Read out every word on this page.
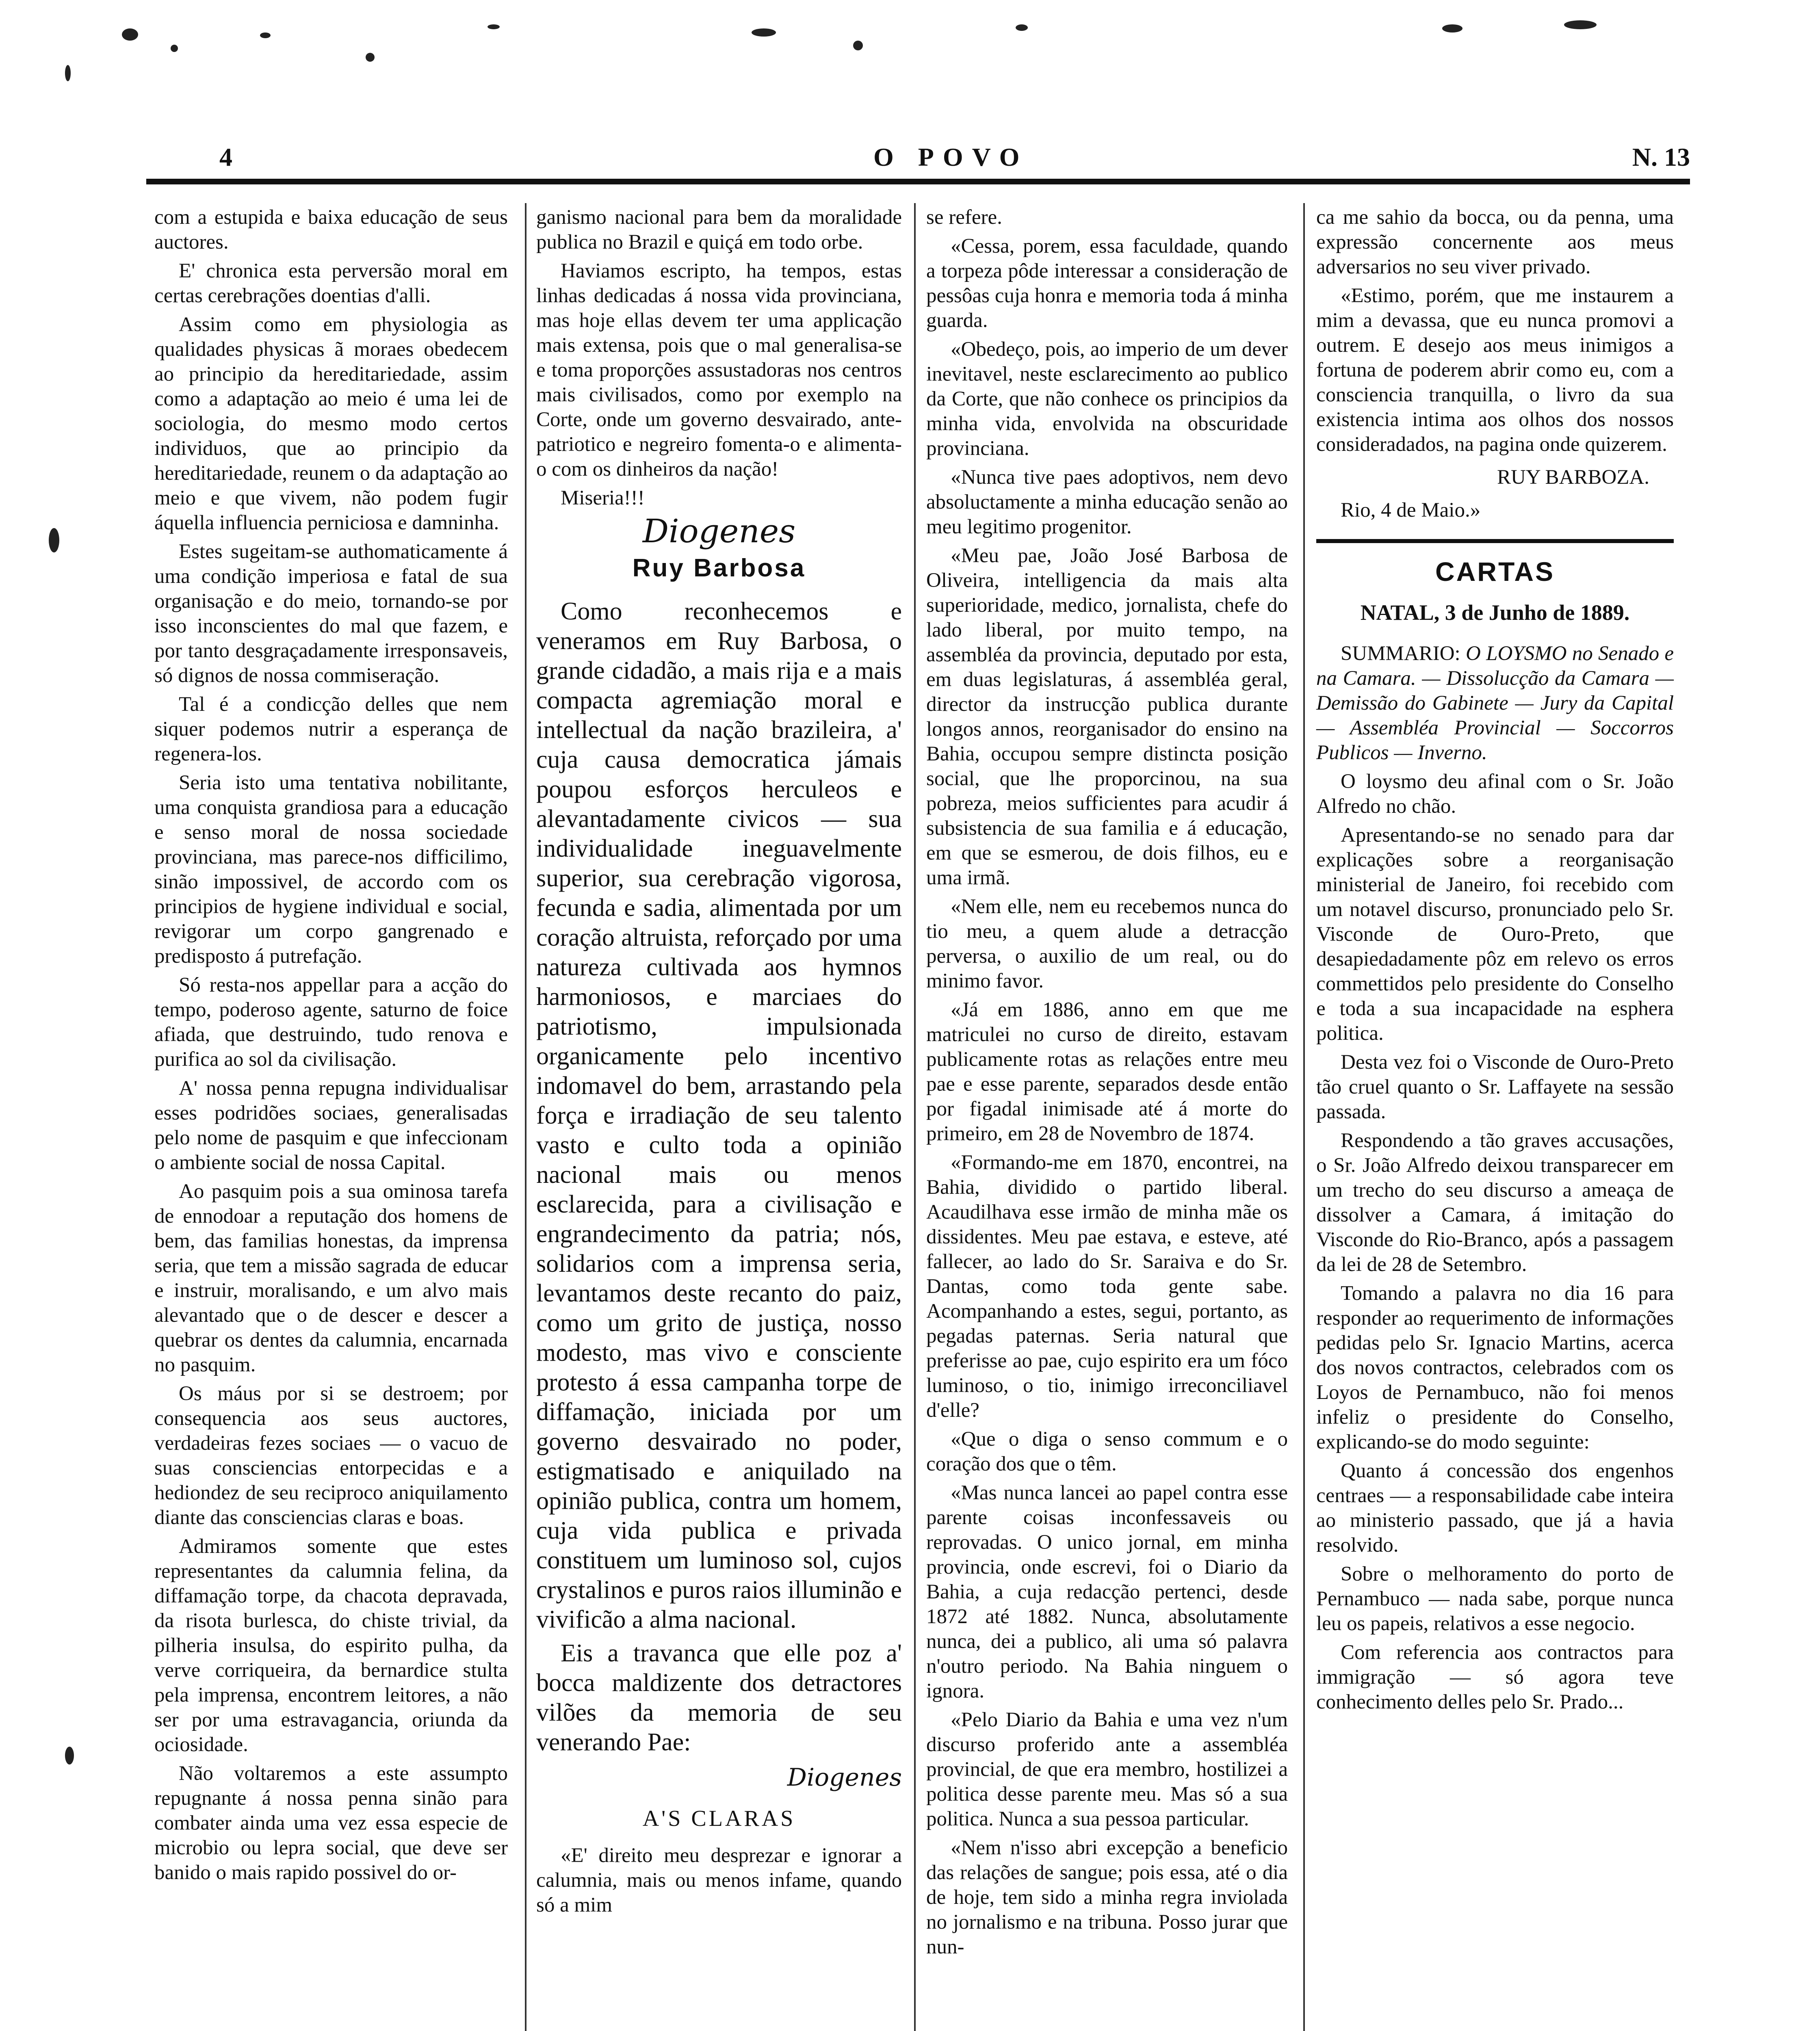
4	O POVO	N. 13

com a estupida e baixa educação de seus auctores.

E' chronica esta perversão moral em certas cerebrações doentias d'alli.

Assim como em physiologia as qualidades physicas ã moraes obedecem ao principio da hereditariedade, assim como a adaptação ao meio é uma lei de sociologia, do mesmo modo certos individuos, que ao principio da hereditariedade, reunem o da adaptação ao meio e que vivem, não podem fugir áquella influencia perniciosa e damninha.

Estes sugeitam-se authomaticamente á uma condição imperiosa e fatal de sua organisação e do meio, tornando-se por isso inconscientes do mal que fazem, e por tanto desgraçadamente irresponsaveis, só dignos de nossa commiseração.

Tal é a condicção delles que nem siquer podemos nutrir a esperança de regenera-los.

Seria isto uma tentativa nobilitante, uma conquista grandiosa para a educação e senso moral de nossa sociedade provinciana, mas parece-nos difficilimo, sinão impossivel, de accordo com os principios de hygiene individual e social, revigorar um corpo gangrenado e predisposto á putrefação.

Só resta-nos appellar para a acção do tempo, poderoso agente, saturno de foice afiada, que destruindo, tudo renova e purifica ao sol da civilisação.

A' nossa penna repugna individualisar esses podridões sociaes, generalisadas pelo nome de pasquim e que infeccionam o ambiente social de nossa Capital.

Ao pasquim pois a sua ominosa tarefa de ennodoar a reputação dos homens de bem, das familias honestas, da imprensa seria, que tem a missão sagrada de educar e instruir, moralisando, e um alvo mais alevantado que o de descer e descer a quebrar os dentes da calumnia, encarnada no pasquim.

Os máus por si se destroem; por consequencia aos seus auctores, verdadeiras fezes sociaes — o vacuo de suas consciencias entorpecidas e a hediondez de seu reciproco aniquilamento diante das consciencias claras e boas.

Admiramos somente que estes representantes da calumnia felina, da diffamação torpe, da chacota depravada, da risota burlesca, do chiste trivial, da pilheria insulsa, do espirito pulha, da verve corriqueira, da bernardice stulta pela imprensa, encontrem leitores, a não ser por uma estravagancia, oriunda da ociosidade.

Não voltaremos a este assumpto repugnante á nossa penna sinão para combater ainda uma vez essa especie de microbio ou lepra social, que deve ser banido o mais rapido possivel do or-

ganismo nacional para bem da moralidade publica no Brazil e quiçá em todo orbe.

Haviamos escripto, ha tempos, estas linhas dedicadas á nossa vida provinciana, mas hoje ellas devem ter uma applicação mais extensa, pois que o mal generalisa-se e toma proporções assustadoras nos centros mais civilisados, como por exemplo na Corte, onde um governo desvairado, ante-patriotico e negreiro fomenta-o e alimenta-o com os dinheiros da nação!

Miseria!!!

Diogenes
Ruy Barbosa

Como reconhecemos e veneramos em Ruy Barbosa, o grande cidadão, a mais rija e a mais compacta agremiação moral e intellectual da nação brazileira, a' cuja causa democratica jámais poupou esforços herculeos e alevantadamente civicos — sua individualidade ineguavelmente superior, sua cerebração vigorosa, fecunda e sadia, alimentada por um coração altruista, reforçado por uma natureza cultivada aos hymnos harmoniosos, e marciaes do patriotismo, impulsionada organicamente pelo incentivo indomavel do bem, arrastando pela força e irradiação de seu talento vasto e culto toda a opinião nacional mais ou menos esclarecida, para a civilisação e engrandecimento da patria; nós, solidarios com a imprensa seria, levantamos deste recanto do paiz, como um grito de justiça, nosso modesto, mas vivo e consciente protesto á essa campanha torpe de diffamação, iniciada por um governo desvairado no poder, estigmatisado e aniquilado na opinião publica, contra um homem, cuja vida publica e privada constituem um luminoso sol, cujos crystalinos e puros raios illuminão e vivificão a alma nacional.

Eis a travanca que elle poz a' bocca maldizente dos detractores vilões da memoria de seu venerando Pae:

Diogenes
A'S CLARAS

«E' direito meu desprezar e ignorar a calumnia, mais ou menos infame, quando só a mim

se refere.

«Cessa, porem, essa faculdade, quando a torpeza pôde interessar a consideração de pessôas cuja honra e memoria toda á minha guarda.

«Obedeço, pois, ao imperio de um dever inevitavel, neste esclarecimento ao publico da Corte, que não conhece os principios da minha vida, envolvida na obscuridade provinciana.

«Nunca tive paes adoptivos, nem devo absoluctamente a minha educação senão ao meu legitimo progenitor.

«Meu pae, João José Barbosa de Oliveira, intelligencia da mais alta superioridade, medico, jornalista, chefe do lado liberal, por muito tempo, na assembléa da provincia, deputado por esta, em duas legislaturas, á assembléa geral, director da instrucção publica durante longos annos, reorganisador do ensino na Bahia, occupou sempre distincta posição social, que lhe proporcinou, na sua pobreza, meios sufficientes para acudir á subsistencia de sua familia e á educação, em que se esmerou, de dois filhos, eu e uma irmã.

«Nem elle, nem eu recebemos nunca do tio meu, a quem alude a detracção perversa, o auxilio de um real, ou do minimo favor.

«Já em 1886, anno em que me matriculei no curso de direito, estavam publicamente rotas as relações entre meu pae e esse parente, separados desde então por figadal inimisade até á morte do primeiro, em 28 de Novembro de 1874.

«Formando-me em 1870, encontrei, na Bahia, dividido o partido liberal. Acaudilhava esse irmão de minha mãe os dissidentes. Meu pae estava, e esteve, até fallecer, ao lado do Sr. Saraiva e do Sr. Dantas, como toda gente sabe. Acompanhando a estes, segui, portanto, as pegadas paternas. Seria natural que preferisse ao pae, cujo espirito era um fóco luminoso, o tio, inimigo irreconciliavel d'elle?

«Que o diga o senso commum e o coração dos que o têm.

«Mas nunca lancei ao papel contra esse parente coisas inconfessaveis ou reprovadas. O unico jornal, em minha provincia, onde escrevi, foi o Diario da Bahia, a cuja redacção pertenci, desde 1872 até 1882. Nunca, absolutamente nunca, dei a publico, ali uma só palavra n'outro periodo. Na Bahia ninguem o ignora.

«Pelo Diario da Bahia e uma vez n'um discurso proferido ante a assembléa provincial, de que era membro, hostilizei a politica desse parente meu. Mas só a sua politica. Nunca a sua pessoa particular.

«Nem n'isso abri excepção a beneficio das relações de sangue; pois essa, até o dia de hoje, tem sido a minha regra inviolada no jornalismo e na tribuna. Posso jurar que nun-

ca me sahio da bocca, ou da penna, uma expressão concernente aos meus adversarios no seu viver privado.

«Estimo, porém, que me instaurem a mim a devassa, que eu nunca promovi a outrem. E desejo aos meus inimigos a fortuna de poderem abrir como eu, com a consciencia tranquilla, o livro da sua existencia intima aos olhos dos nossos consideradados, na pagina onde quizerem.

RUY BARBOZA.

Rio, 4 de Maio.»

CARTAS
NATAL, 3 de Junho de 1889.

SUMMARIO: O LOYSMO no Senado e na Camara. — Dissolucção da Camara — Demissão do Gabinete — Jury da Capital — Assembléa Provincial — Soccorros Publicos — Inverno.

O loysmo deu afinal com o Sr. João Alfredo no chão.

Apresentando-se no senado para dar explicações sobre a reorganisação ministerial de Janeiro, foi recebido com um notavel discurso, pronunciado pelo Sr. Visconde de Ouro-Preto, que desapiedadamente pôz em relevo os erros commettidos pelo presidente do Conselho e toda a sua incapacidade na esphera politica.

Desta vez foi o Visconde de Ouro-Preto tão cruel quanto o Sr. Laffayete na sessão passada.

Respondendo a tão graves accusações, o Sr. João Alfredo deixou transparecer em um trecho do seu discurso a ameaça de dissolver a Camara, á imitação do Visconde do Rio-Branco, após a passagem da lei de 28 de Setembro.

Tomando a palavra no dia 16 para responder ao requerimento de informações pedidas pelo Sr. Ignacio Martins, acerca dos novos contractos, celebrados com os Loyos de Pernambuco, não foi menos infeliz o presidente do Conselho, explicando-se do modo seguinte:

Quanto á concessão dos engenhos centraes — a responsabilidade cabe inteira ao ministerio passado, que já a havia resolvido.

Sobre o melhoramento do porto de Pernambuco — nada sabe, porque nunca leu os papeis, relativos a esse negocio.

Com referencia aos contractos para immigração — só agora teve conhecimento delles pelo Sr. Prado...
